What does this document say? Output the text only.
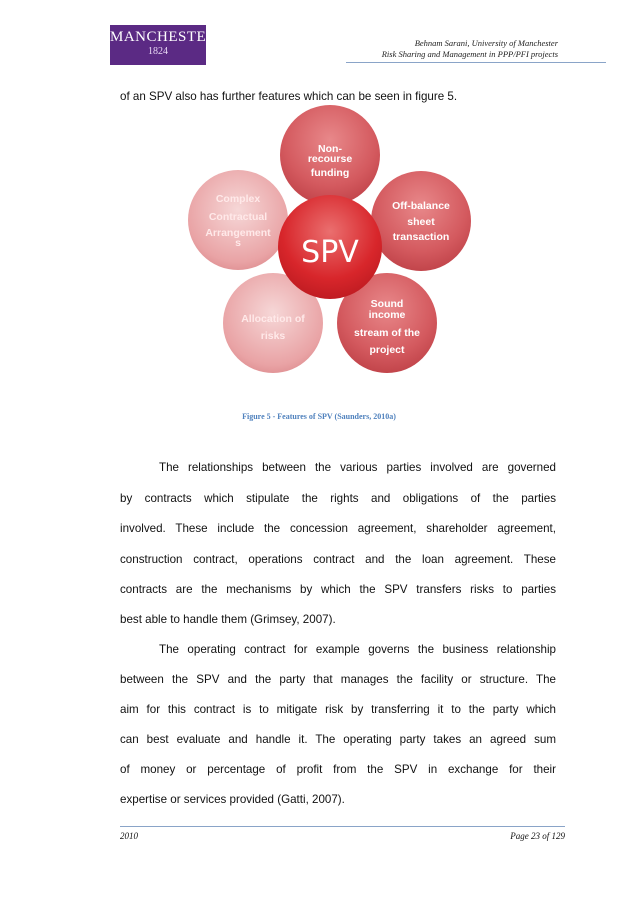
MANCHESTER
1824
Behnam Sarani, University of Manchester
Risk Sharing and Management in PPP/PFI projects
of an SPV also has further features which can be seen in figure 5.
SPV
Non-
recourse
funding
Off-balance
sheet
transaction
Sound
income
stream of the
project
Allocation of
risks
Complex
Contractual
Arrangement
s
Figure 5 - Features of SPV (Saunders, 2010a)
The relationships between the various parties involved are governed
by contracts which stipulate the rights and obligations of the parties
involved. These include the concession agreement, shareholder agreement,
construction contract, operations contract and the loan agreement. These
contracts are the mechanisms by which the SPV transfers risks to parties
best able to handle them (Grimsey, 2007).
The operating contract for example governs the business relationship
between the SPV and the party that manages the facility or structure. The
aim for this contract is to mitigate risk by transferring it to the party which
can best evaluate and handle it. The operating party takes an agreed sum
of money or percentage of profit from the SPV in exchange for their
expertise or services provided (Gatti, 2007).
2010	Page 23 of 129
